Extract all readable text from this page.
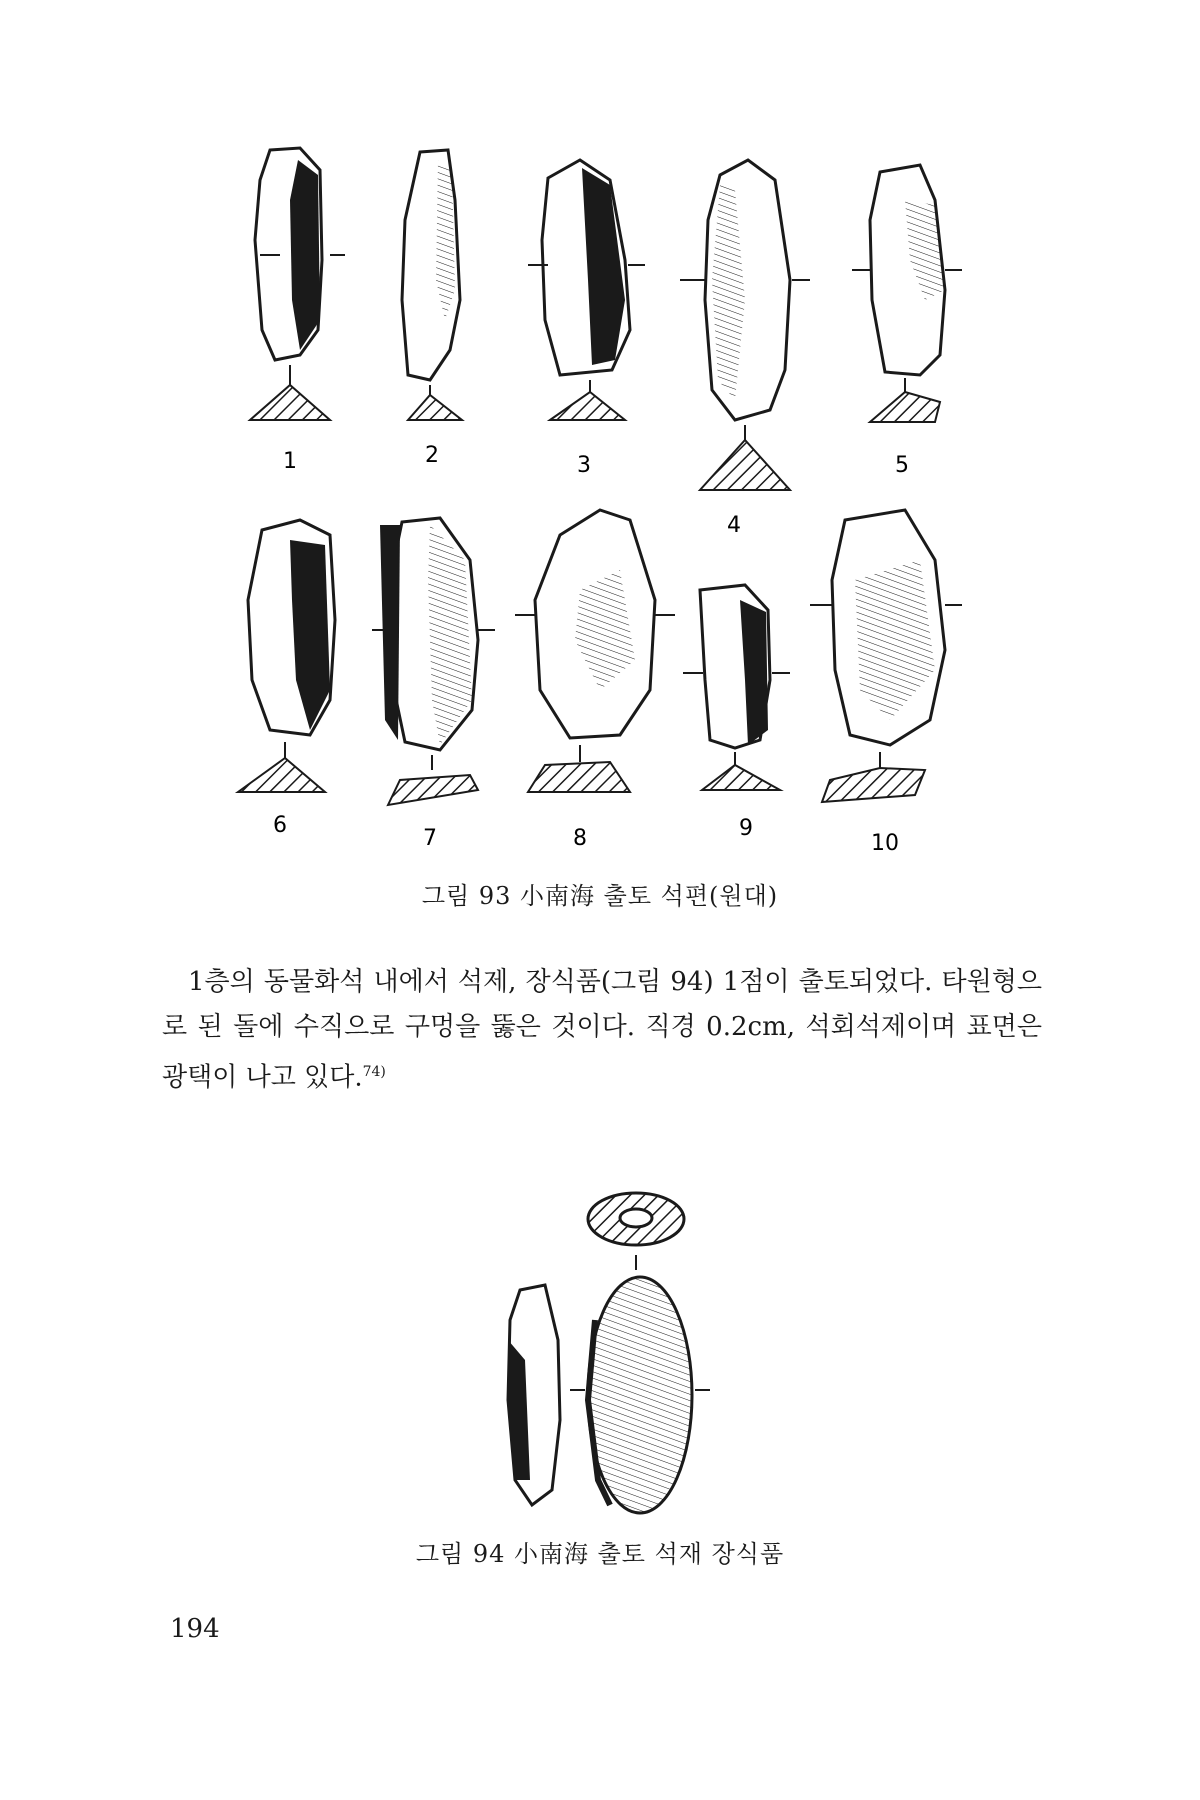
1	2	3
4
5
6
7	8	9
10
그림 93 小南海 출토 석편(원대)

1층의 동물화석 내에서 석제, 장식품(그림 94) 1점이 출토되었다. 타원형으로 된 돌에 수직으로 구멍을 뚫은 것이다. 직경 0.2cm, 석회석제이며 표면은 광택이 나고 있다.$^{74)}$

그림 94 小南海 출토 석재 장식품
194
